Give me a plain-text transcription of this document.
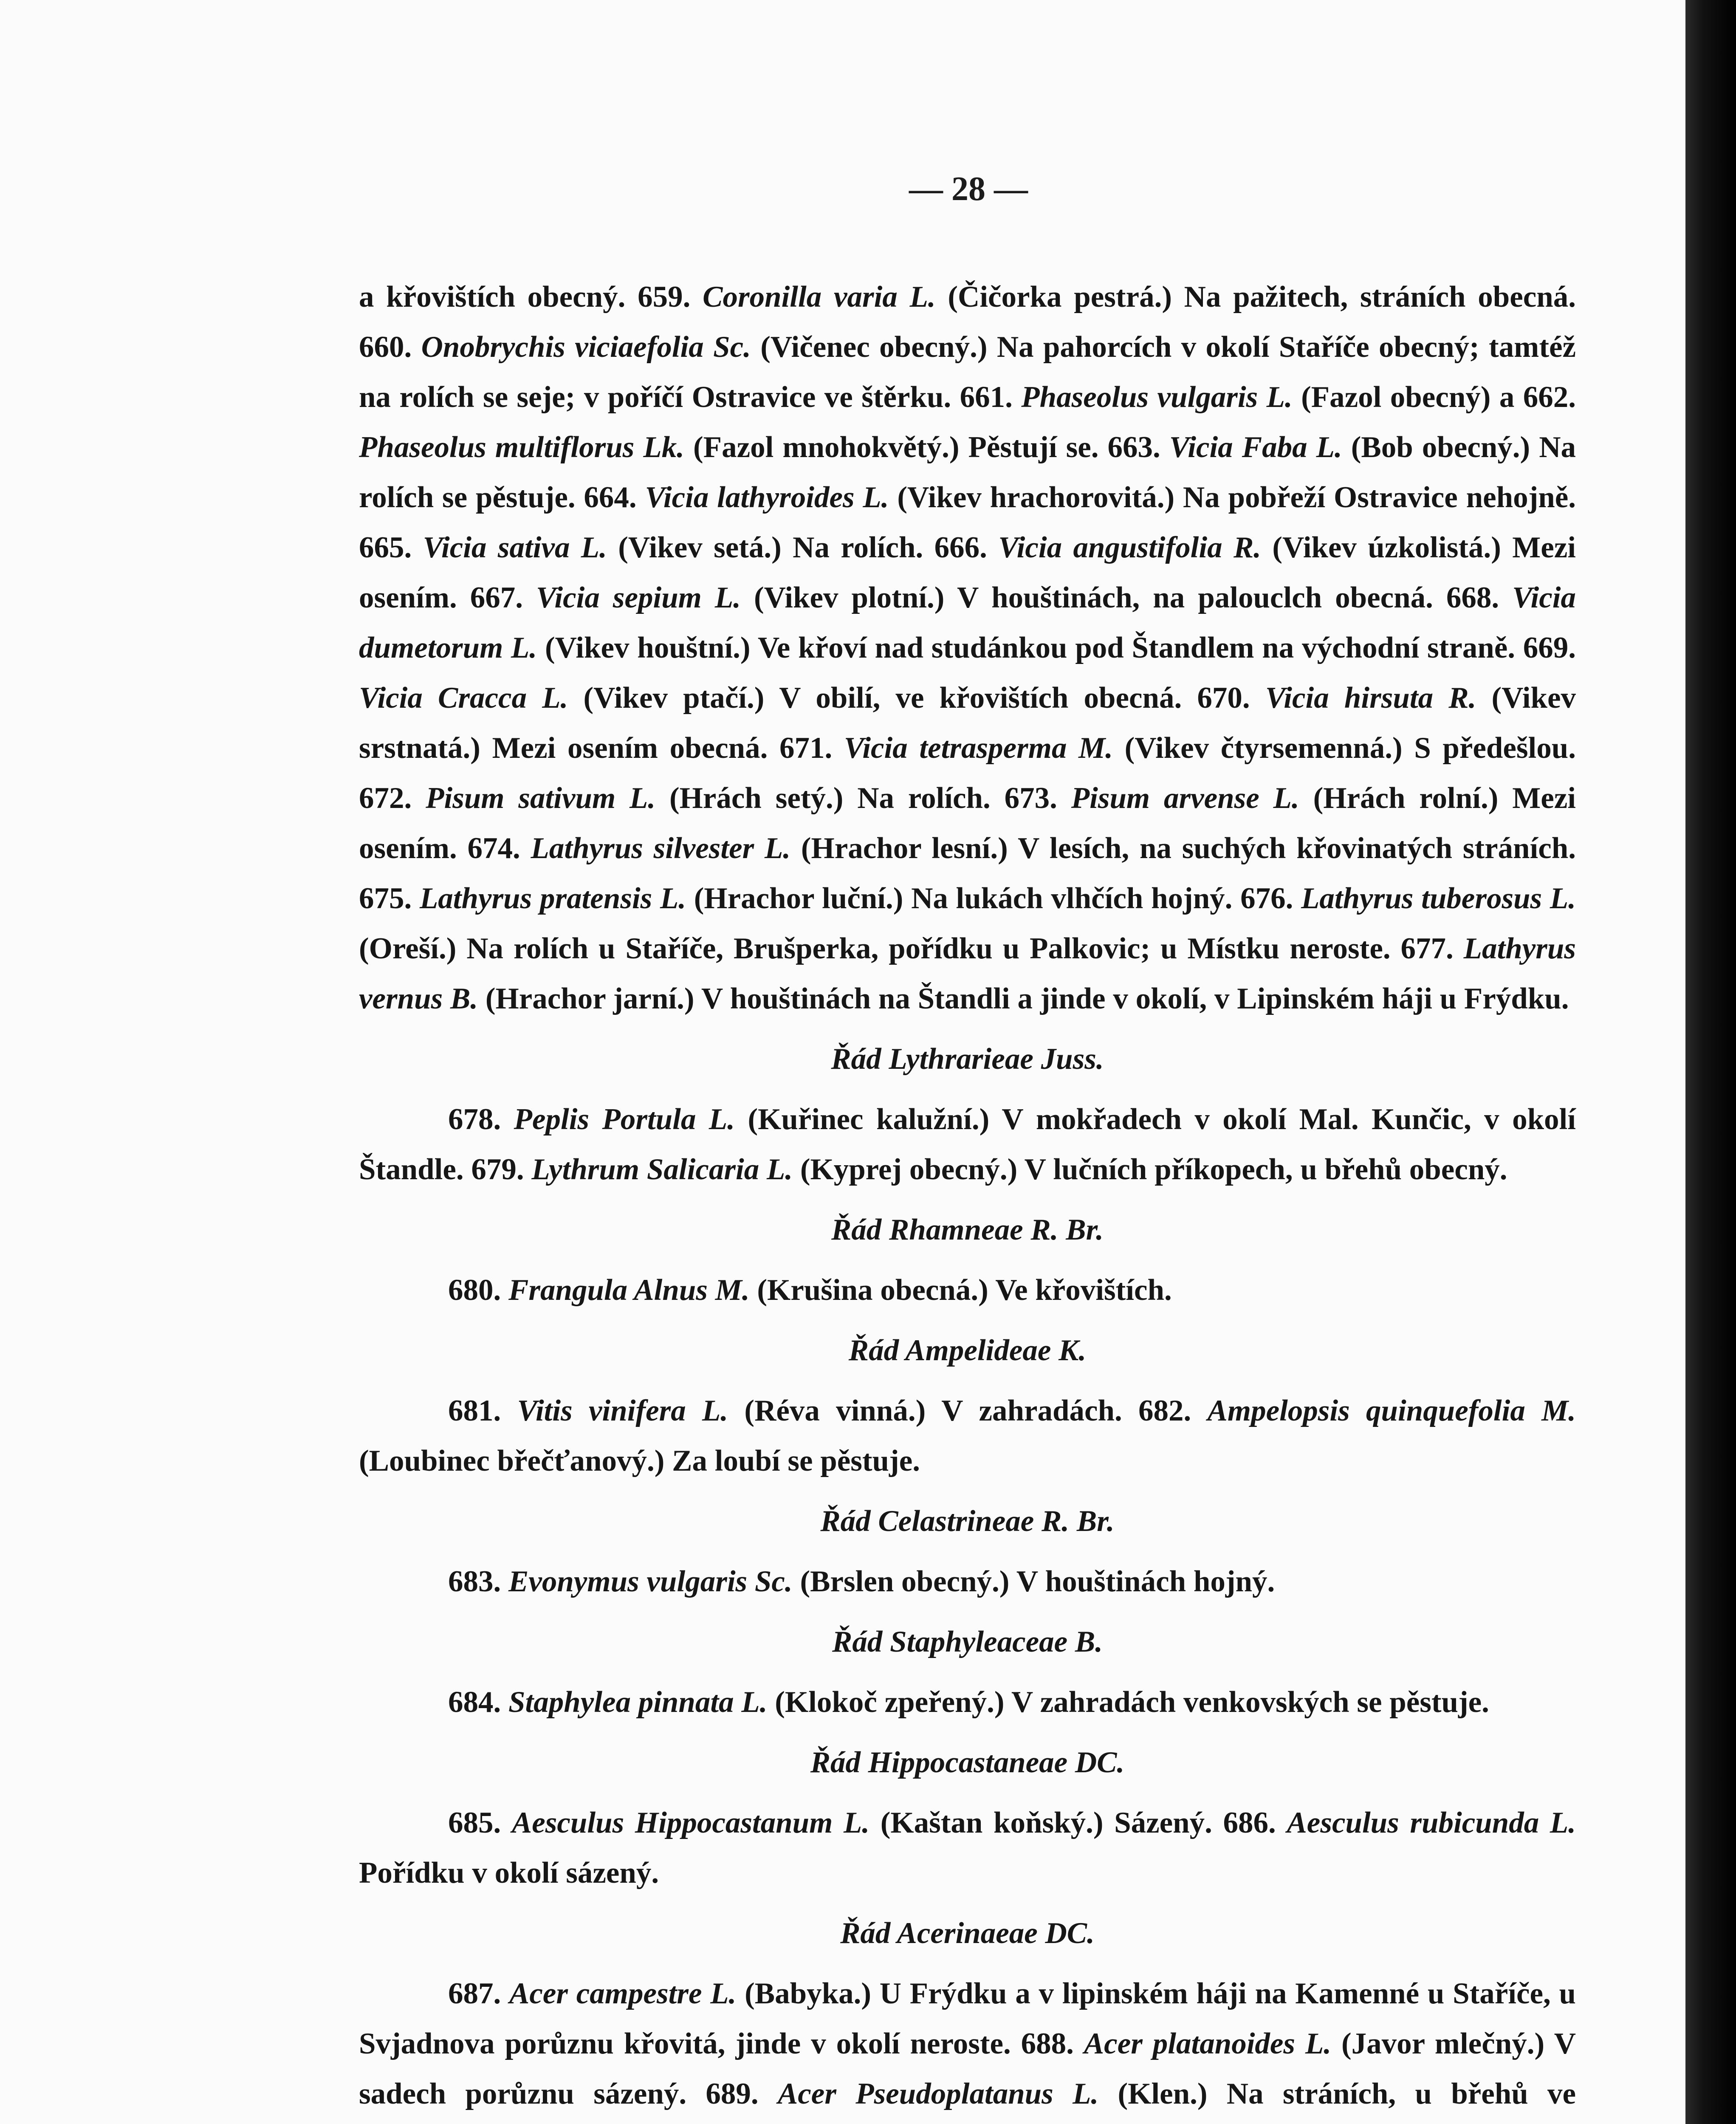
— 28 —

a křovištích obecný. 659. Coronilla varia L. (Čičorka pestrá.) Na pažitech, stráních obecná. 660. Onobrychis viciaefolia Sc. (Vičenec obecný.) Na pahorcích v okolí Staříče obecný; tamtéž na rolích se seje; v poříčí Ostravice ve štěrku. 661. Phaseolus vulgaris L. (Fazol obecný) a 662. Phaseolus multiflorus Lk. (Fazol mnohokvětý.) Pěstují se. 663. Vicia Faba L. (Bob obecný.) Na rolích se pěstuje. 664. Vicia lathyroides L. (Vikev hrachorovitá.) Na pobřeží Ostravice nehojně. 665. Vicia sativa L. (Vikev setá.) Na rolích. 666. Vicia angustifolia R. (Vikev úzkolistá.) Mezi osením. 667. Vicia sepium L. (Vikev plotní.) V houštinách, na palouclch obecná. 668. Vicia dumetorum L. (Vikev houštní.) Ve křoví nad studánkou pod Štandlem na východní straně. 669. Vicia Cracca L. (Vikev ptačí.) V obilí, ve křovištích obecná. 670. Vicia hirsuta R. (Vikev srstnatá.) Mezi osením obecná. 671. Vicia tetrasperma M. (Vikev čtyrsemenná.) S předešlou. 672. Pisum sativum L. (Hrách setý.) Na rolích. 673. Pisum arvense L. (Hrách rolní.) Mezi osením. 674. Lathyrus silvester L. (Hrachor lesní.) V lesích, na suchých křovinatých stráních. 675. Lathyrus pratensis L. (Hrachor luční.) Na lukách vlhčích hojný. 676. Lathyrus tuberosus L. (Oreší.) Na rolích u Staříče, Brušperka, pořídku u Palkovic; u Místku neroste. 677. Lathyrus vernus B. (Hrachor jarní.) V houštinách na Štandli a jinde v okolí, v Lipinském háji u Frýdku.

Řád Lythrarieae Juss.

678. Peplis Portula L. (Kuřinec kalužní.) V mokřadech v okolí Mal. Kunčic, v okolí Štandle. 679. Lythrum Salicaria L. (Kyprej obecný.) V lučních příkopech, u břehů obecný.

Řád Rhamneae R. Br.

680. Frangula Alnus M. (Krušina obecná.) Ve křovištích.

Řád Ampelideae K.

681. Vitis vinifera L. (Réva vinná.) V zahradách. 682. Ampelopsis quinquefolia M. (Loubinec břečťanový.) Za loubí se pěstuje.

Řád Celastrineae R. Br.

683. Evonymus vulgaris Sc. (Brslen obecný.) V houštinách hojný.

Řád Staphyleaceae B.

684. Staphylea pinnata L. (Klokoč zpeřený.) V zahradách venkovských se pěstuje.

Řád Hippocastaneae DC.

685. Aesculus Hippocastanum L. (Kaštan koňský.) Sázený. 686. Aesculus rubicunda L. Pořídku v okolí sázený.

Řád Acerinaeae DC.

687. Acer campestre L. (Babyka.) U Frýdku a v lipinském háji na Kamenné u Staříče, u Svjadnova porůznu křovitá, jinde v okolí neroste. 688. Acer platanoides L. (Javor mlečný.) V sadech porůznu sázený. 689. Acer Pseudoplatanus L. (Klen.) Na stráních, u břehů ve
